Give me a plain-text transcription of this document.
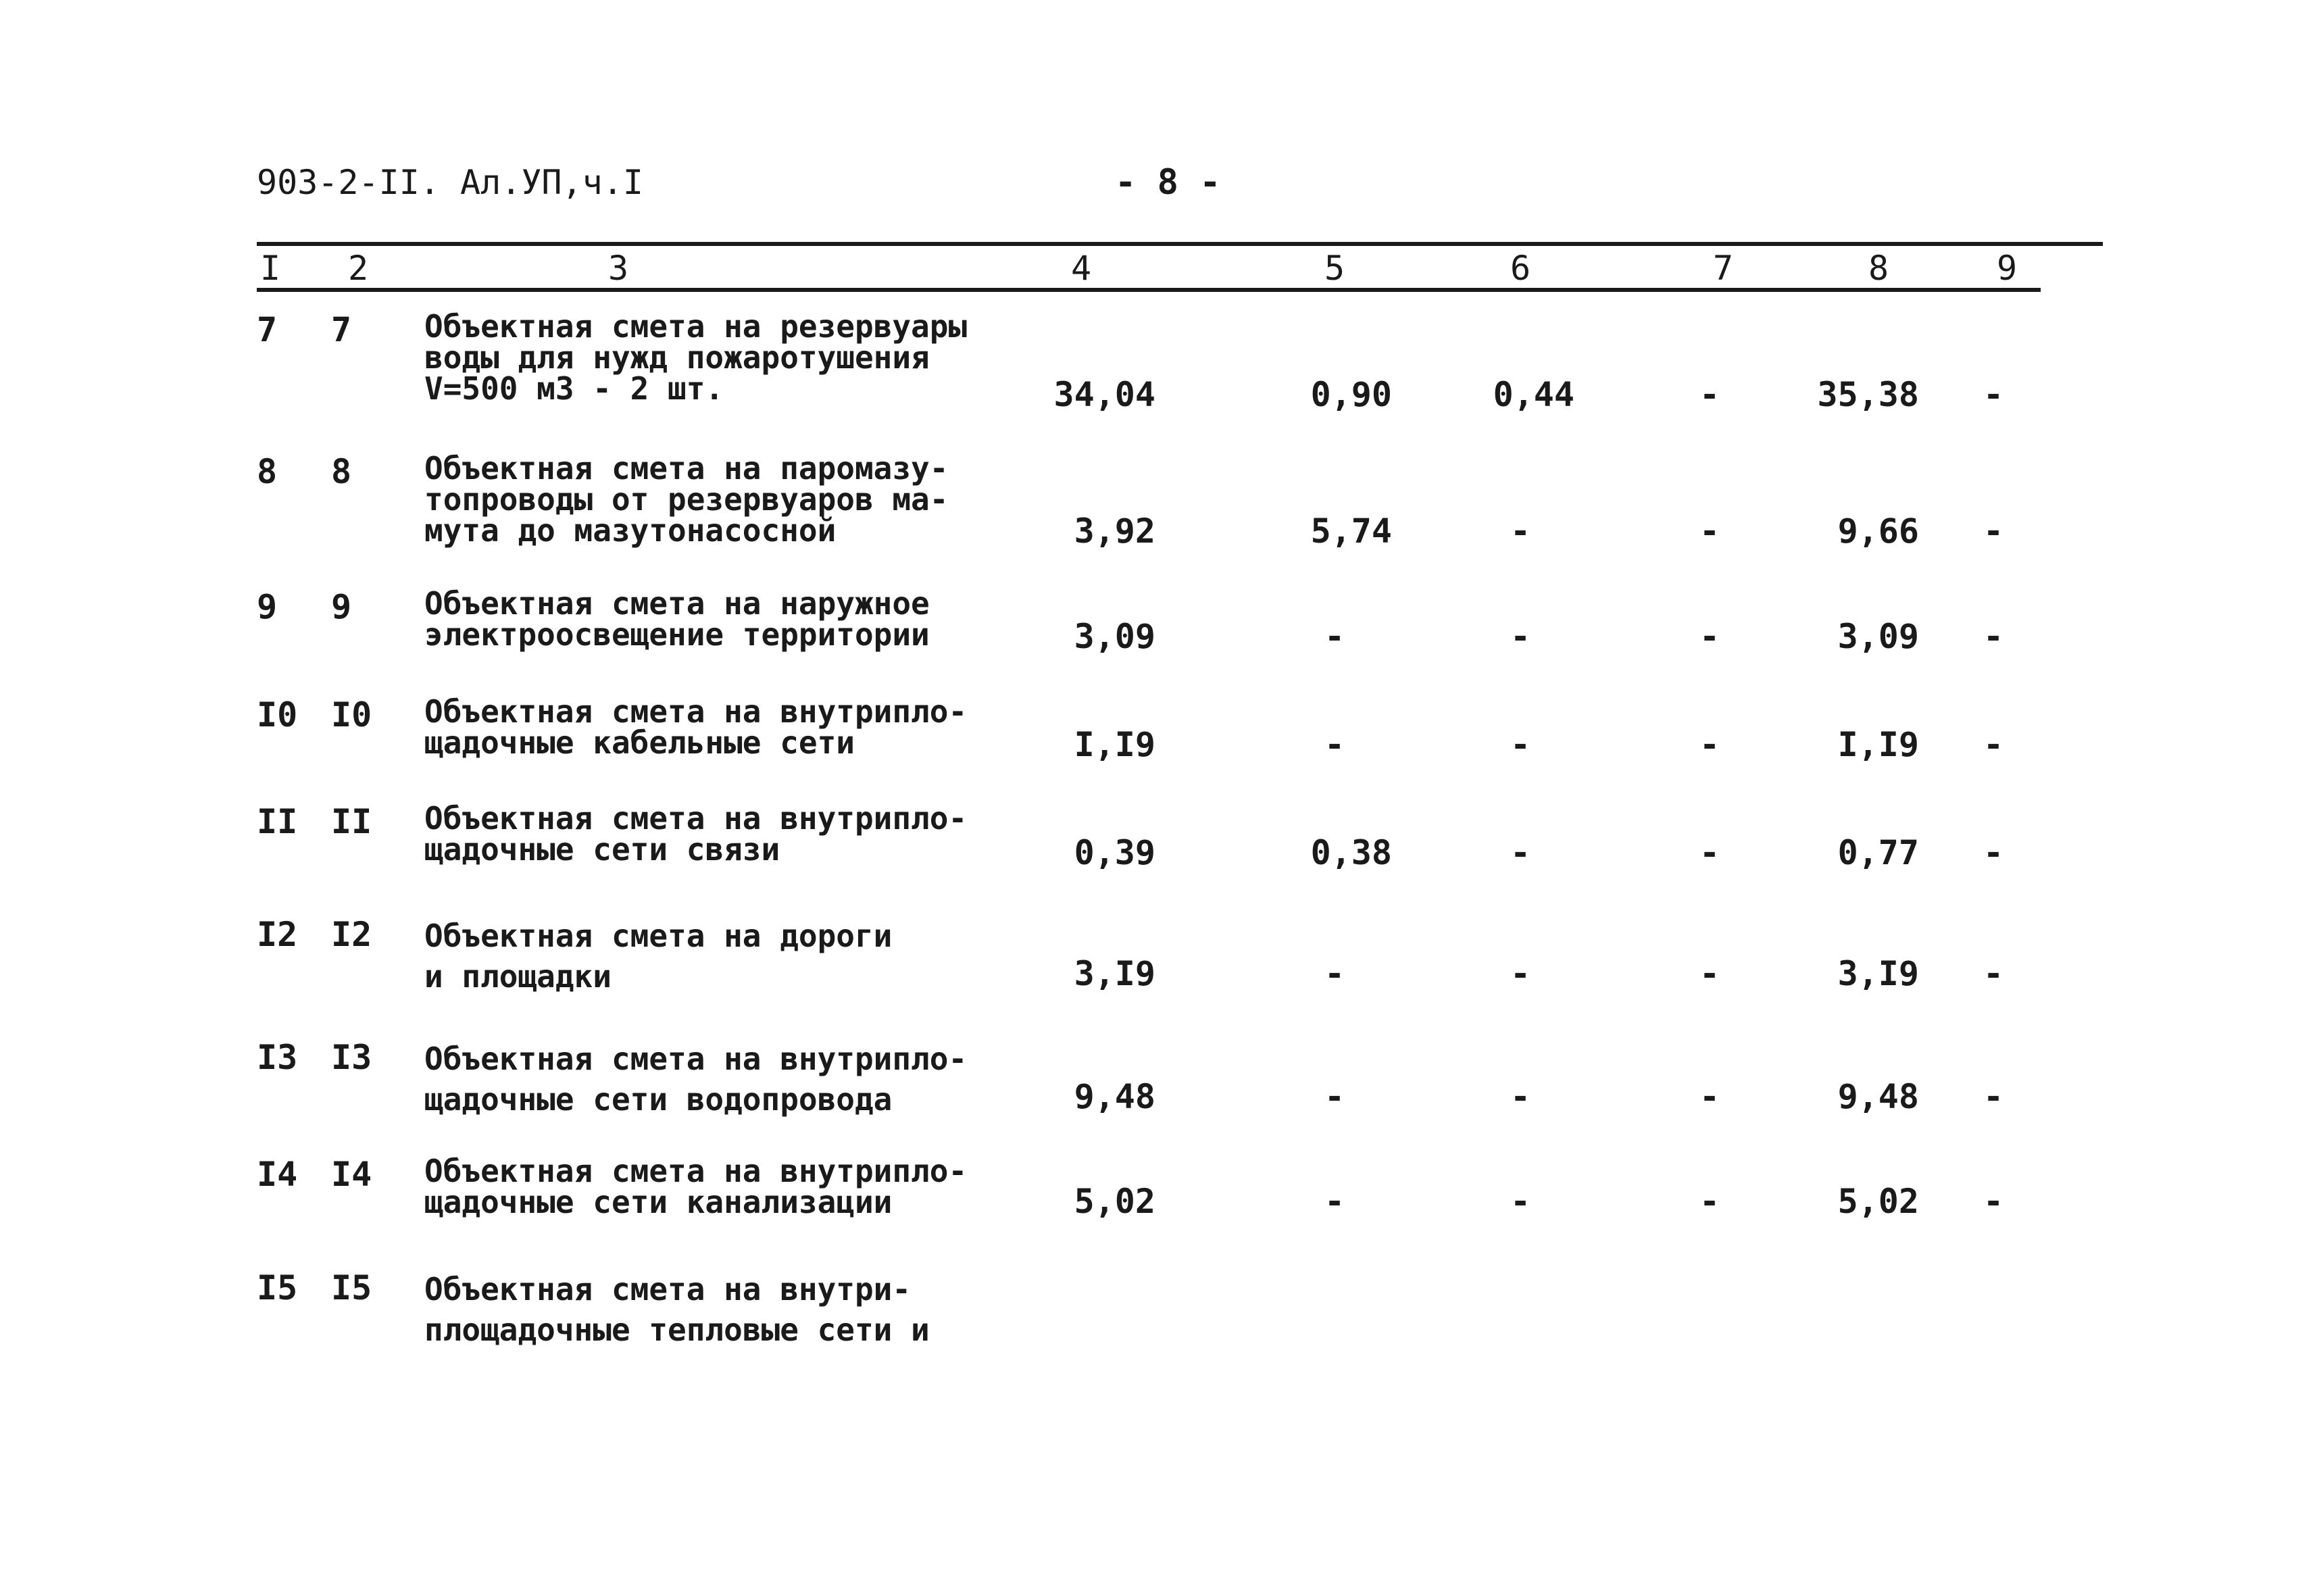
903-2-II. Ал.УП,ч.I	- 8 -
I	2	3	4	5	6	7	8	9
7 7 Объектная смета на резервуары
воды для нужд пожаротушения
V=500 м3 - 2 шт.	34,04	0,90	0,44	-	35,38	-
8 8 Объектная смета на паромазу-
топроводы от резервуаров ма-
мута до мазутонасосной	3,92	5,74	-	-	9,66	-
9 9 Объектная смета на наружное
электроосвещение территории	3,09	-	-	-	3,09	-
I0 I0 Объектная смета на внутрипло-
щадочные кабельные сети	I,I9	-	-	-	I,I9	-
II II Объектная смета на внутрипло-
щадочные сети связи	0,39	0,38	-	-	0,77	-
I2 I2 Объектная смета на дороги
и площадки	3,I9	-	-	-	3,I9	-
I3 I3 Объектная смета на внутрипло-
щадочные сети водопровода	9,48	-	-	-	9,48	-
I4 I4 Объектная смета на внутрипло-
щадочные сети канализации	5,02	-	-	-	5,02	-
I5 I5 Объектная смета на внутри-
площадочные тепловые сети и
